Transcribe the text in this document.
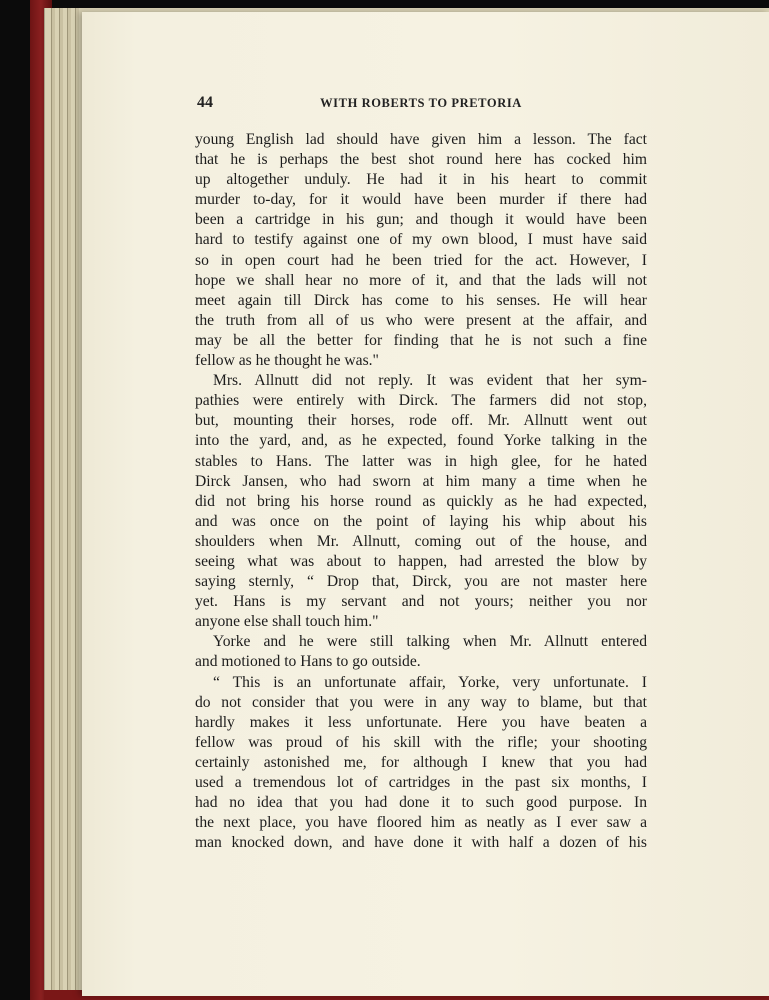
44	WITH ROBERTS TO PRETORIA
young English lad should have given him a lesson. The fact
that he is perhaps the best shot round here has cocked him
up altogether unduly. He had it in his heart to commit
murder to-day, for it would have been murder if there had
been a cartridge in his gun; and though it would have been
hard to testify against one of my own blood, I must have said
so in open court had he been tried for the act. However, I
hope we shall hear no more of it, and that the lads will not
meet again till Dirck has come to his senses. He will hear
the truth from all of us who were present at the affair, and
may be all the better for finding that he is not such a fine
fellow as he thought he was."
Mrs. Allnutt did not reply. It was evident that her sym-
pathies were entirely with Dirck. The farmers did not stop,
but, mounting their horses, rode off. Mr. Allnutt went out
into the yard, and, as he expected, found Yorke talking in the
stables to Hans. The latter was in high glee, for he hated
Dirck Jansen, who had sworn at him many a time when he
did not bring his horse round as quickly as he had expected,
and was once on the point of laying his whip about his
shoulders when Mr. Allnutt, coming out of the house, and
seeing what was about to happen, had arrested the blow by
saying sternly, “ Drop that, Dirck, you are not master here
yet. Hans is my servant and not yours; neither you nor
anyone else shall touch him."
Yorke and he were still talking when Mr. Allnutt entered
and motioned to Hans to go outside.
“ This is an unfortunate affair, Yorke, very unfortunate. I
do not consider that you were in any way to blame, but that
hardly makes it less unfortunate. Here you have beaten a
fellow was proud of his skill with the rifle; your shooting
certainly astonished me, for although I knew that you had
used a tremendous lot of cartridges in the past six months, I
had no idea that you had done it to such good purpose. In
the next place, you have floored him as neatly as I ever saw a
man knocked down, and have done it with half a dozen of his
